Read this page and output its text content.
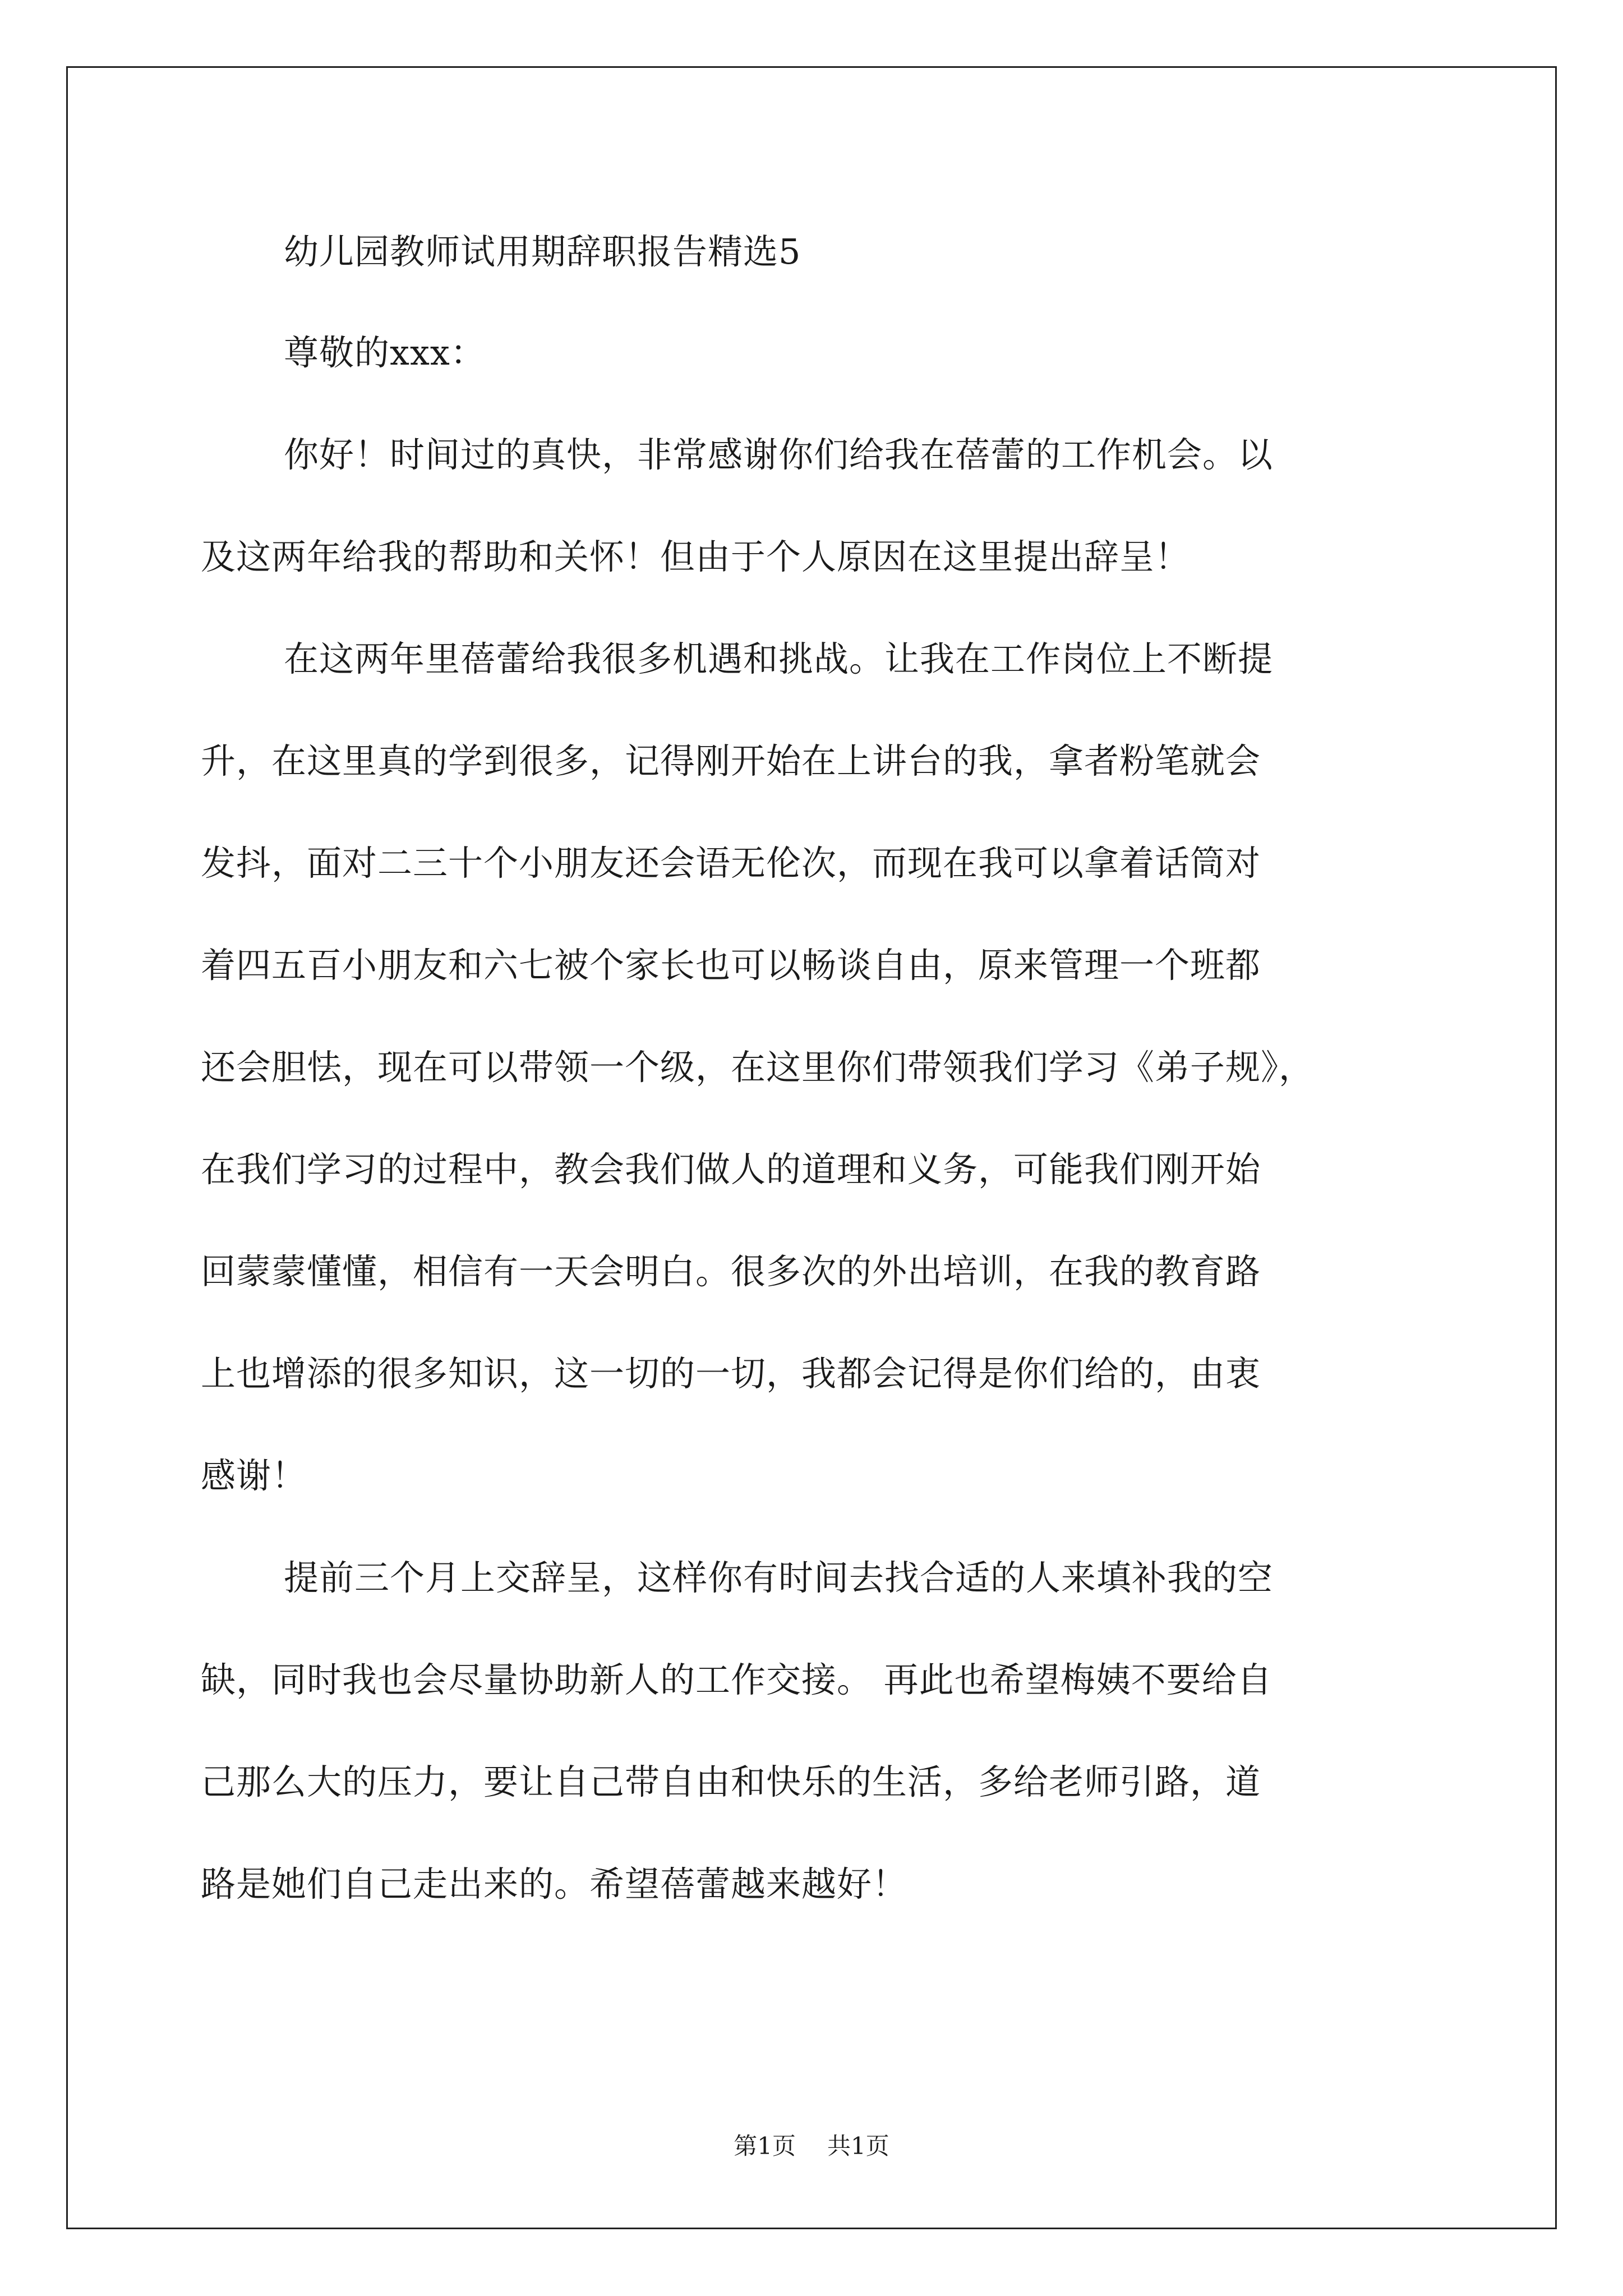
幼儿园教师试用期辞职报告精选5
尊敬的xxx：
你好！时间过的真快，非常感谢你们给我在蓓蕾的工作机会。以
及这两年给我的帮助和关怀！但由于个人原因在这里提出辞呈！
在这两年里蓓蕾给我很多机遇和挑战。让我在工作岗位上不断提
升，在这里真的学到很多，记得刚开始在上讲台的我，拿者粉笔就会
发抖，面对二三十个小朋友还会语无伦次，而现在我可以拿着话筒对
着四五百小朋友和六七被个家长也可以畅谈自由，原来管理一个班都
还会胆怯，现在可以带领一个级，在这里你们带领我们学习《弟子规》，
在我们学习的过程中，教会我们做人的道理和义务，可能我们刚开始
回蒙蒙懂懂，相信有一天会明白。很多次的外出培训，在我的教育路
上也增添的很多知识，这一切的一切，我都会记得是你们给的，由衷
感谢！
提前三个月上交辞呈，这样你有时间去找合适的人来填补我的空
缺，同时我也会尽量协助新人的工作交接。 再此也希望梅姨不要给自
己那么大的压力，要让自己带自由和快乐的生活，多给老师引路，道
路是她们自己走出来的。希望蓓蕾越来越好！
第1页 共1页
